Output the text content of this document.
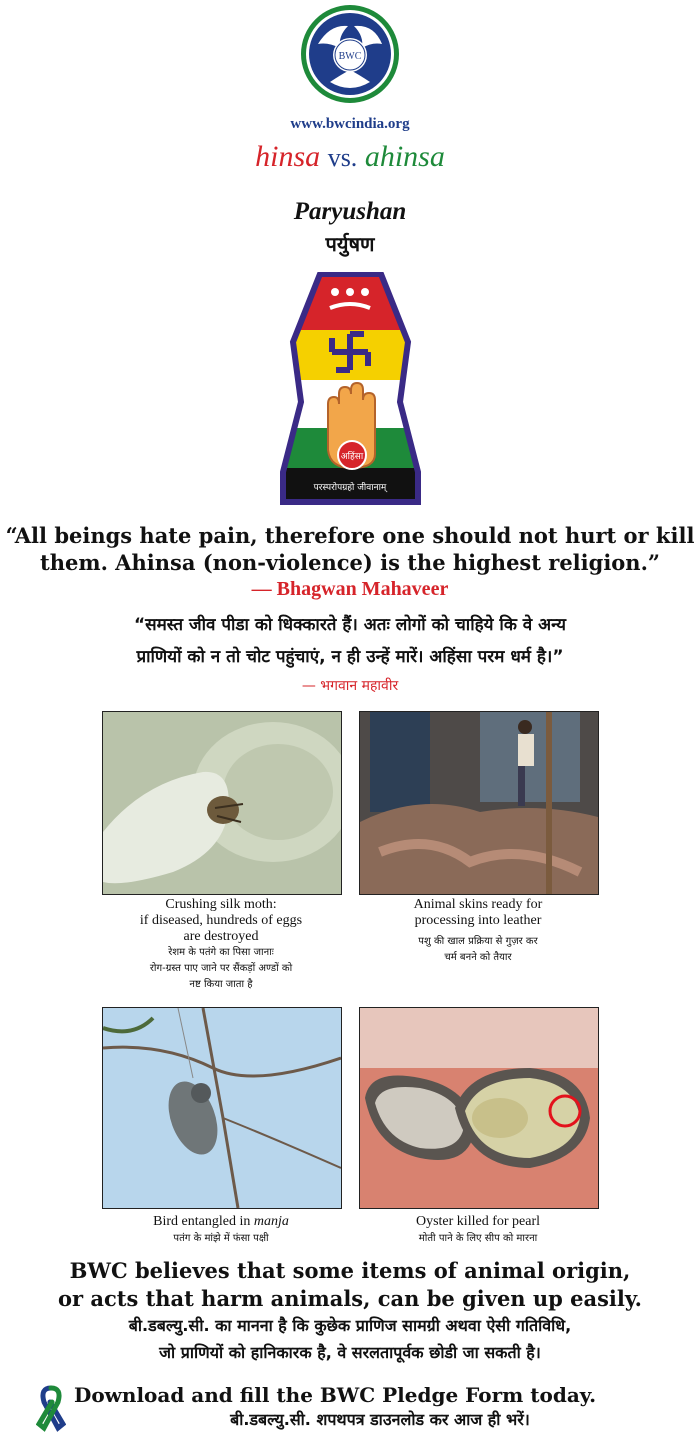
BWC
www.bwcindia.org
hinsa vs. ahinsa
Paryushan
पर्युषण
अहिंसा
परस्परोपग्रहो जीवानाम्
“All beings hate pain, therefore one should not hurt or kill
them. Ahinsa (non-violence) is the highest religion.”
— Bhagwan Mahaveer
“समस्त जीव पीडा को धिक्कारते हैं। अतः लोगों को चाहिये कि वे अन्य
प्राणियों को न तो चोट पहुंचाएं, न ही उन्हें मारें। अहिंसा परम धर्म है।”
— भगवान महावीर
Crushing silk moth:
if diseased, hundreds of eggs
are destroyed
रेशम के पतंगे का पिसा जानाः
रोग-ग्रस्त पाए जाने पर सैंकड़ों अण्डों को
नष्ट किया जाता है
Animal skins ready for
processing into leather
पशु की खाल प्रक्रिया से गुज़र कर
चर्म बनने को तैयार
Bird entangled in manja
पतंग के मांझे में फंसा पक्षी
Oyster killed for pearl
मोती पाने के लिए सीप को मारना
BWC believes that some items of animal origin,
or acts that harm animals, can be given up easily.
बी.डबल्यु.सी. का मानना है कि कुछेक प्राणिज सामग्री अथवा ऐसी गतिविधि,
जो प्राणियों को हानिकारक है, वे सरलतापूर्वक छोडी जा सकती है।
Download and fill the BWC Pledge Form today.
बी.डबल्यु.सी. शपथपत्र डाउनलोड कर आज ही भरें।
